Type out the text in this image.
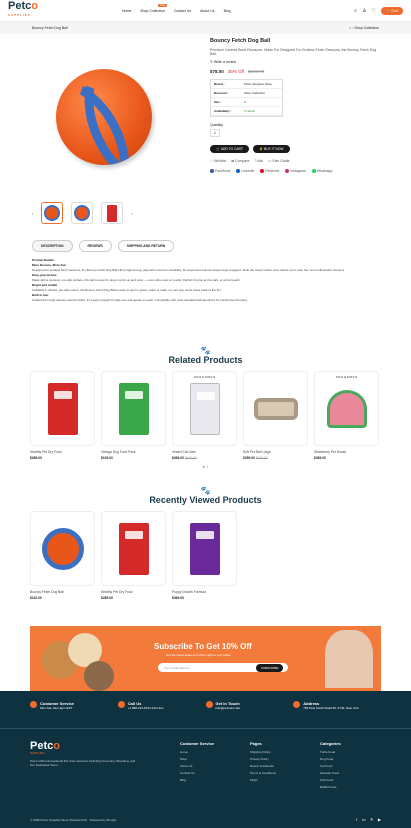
Petco
SUPPLIES
Home	Shop Collection
New
Contact Us	About Us	Blog	⌕ ♙ ♡	🛒 Cart
Bouncy Fetch Dog Ball	⌂ › Shop Collection
‹	›
Bouncy Fetch Dog Ball

Premium Canned Bone Resource, Made For Designed For Endless Fetch Sessions, the Bouncy Fetch Dog Ball.

✎ Write a review

$78.00 35% Off $120.00
Brand :	Petco Supplies Store
Discount :	Shop Collection
Sku :	2
Availability :	In Stock
Quantity
1
🛒 ADD TO CART	⚡ BUY IT NOW
♡ Wishlist ⇄ Compare ? Ask ▭ Size Guide
Facebook	Linkedin	Pinterest	Instagram	Whatsapp
DESCRIPTION	REVIEWS	SHIPPING AND RETURN
Product Details
More Bounce, More Fun
Designed for endless fetch sessions, the Bouncy Fetch Dog Ball offers high-energy play with maximum durability. Its responsive bounce keeps dogs engaged, while the tough rubber core stands up to even the most enthusiastic chewers.
Easy-grip texture
Made with a textured, non-slip surface, this ball is easy for dogs to pick up and carry — even when wet or muddy. Perfect for play at the park, or at the beach.
Bright and visible
Available in vibrant, pet-safe colors, the Bouncy Fetch Dog Ball is easy to spot in grass, water or trails, so your pup never loses track of the fun.
Built to last
Crafted from high-density natural rubber, it's tough enough for daily use and gentle on teeth. Compatible with most standard ball launchers for hands-free throwing.
🐾
Related Products
Healthy Pet Dry Food
$285.00
Omega Dog Food Pack
$109.00
0 D 0 H 0 M 0 S
Vessel Cat Litter
$369.00 $400.00
Soft Pet Bed Large
$259.00 $300.00
0 D 0 H 0 M 0 S
Strawberry Pet House
$369.00
● ●
🐾
Recently Viewed Products
Bouncy Fetch Dog Ball
$110.00
Healthy Pet Dry Food
$285.00
Puppy Growth Formula
$369.00
Subscribe To Get 10% Off
Get the latest deals and offers right to your inbox.
Your email address	SUBSCRIBE
Customer Service
Mon-Sat, 9am-6pm EST
Call Us
+1 888-234-5234 234 Now
Get In Touch
info@petcoinc.site
Address
789 New South Road 56, 6746, New York
Petco
SUPPLIES

Petco Offers Exceptional Pet Care Services Including Grooming, Boarding, and Our Dedicated Team.

Customer Service
Home
Shop
About Us
Contact Us
Blog
Pages
Shipping Policy
Privacy Policy
Return & Refunds
Terms & Conditions
FAQs
Categories
Turtle Food
Dog Food
Cat Food
Hamster Food
Fish Food
Rabbit Food
© 2026 Petco Supplies Store (Password 8) · Powered by Shopify	f in ⌾ ▶
